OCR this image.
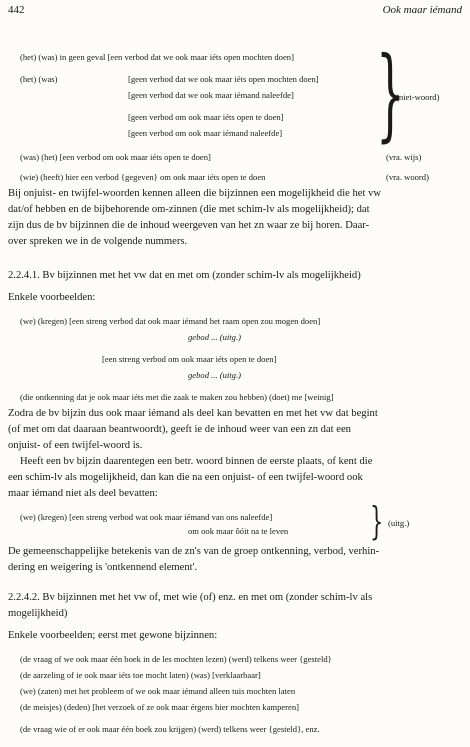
442	Ook maar iémand
(het) (was) in geen geval [een verbod dat we ook maar iéts open mochten doen]
(het) (was)	[geen verbod dat we ook maar iéts open mochten doen]
[geen verbod dat we ook maar iémand naleefde]
[geen verbod om ook maar iéts open te doen]
[geen verbod om ook maar iémand naleefde] }
(niet-woord)
(was) (het) [een verbod om ook maar iéts open te doen]	(vra. wijs)
(wie) (heeft) hier een verbod {gegeven} om ook maar iéts open te doen	(vra. woord)
Bij onjuist- en twijfel-woorden kennen alleen die bijzinnen een mogelijkheid die het vw
dat/of hebben en de bijbehorende om-zinnen (die met schim-lv als mogelijkheid); dat
zijn dus de bv bijzinnen die de inhoud weergeven van het zn waar ze bij horen. Daar-
over spreken we in de volgende nummers.
2.2.4.1. Bv bijzinnen met het vw dat en met om (zonder schim-lv als mogelijkheid)
Enkele voorbeelden:
(we) (kregen) [een streng verbod dat ook maar iémand het raam open zou mogen doen]
gebod ... (uitg.)
[een streng verbod om ook maar iéts open te doen]
gebod ... (uitg.)
(die ontkenning dat je ook maar iéts met die zaak te maken zou hebben) (doet) me [weinig]
Zodra de bv bijzin dus ook maar iémand als deel kan bevatten en met het vw dat begint
(of met om dat daaraan beantwoordt), geeft ie de inhoud weer van een zn dat een
onjuist- of een twijfel-woord is.
Heeft een bv bijzin daarentegen een betr. woord binnen de eerste plaats, of kent die
een schim-lv als mogelijkheid, dan kan die na een onjuist- of een twijfel-woord ook
maar iémand niet als deel bevatten:
(we) (kregen) [een streng verbod wat ook maar iémand van ons naleefde]
om ook maar ôóit na te leven } (uitg.)
De gemeenschappelijke betekenis van de zn's van de groep ontkenning, verbod, verhin-
dering en weigering is 'ontkennend element'.
2.2.4.2. Bv bijzinnen met het vw of, met wie (of) enz. en met om (zonder schim-lv als
mogelijkheid)
Enkele voorbeelden; eerst met gewone bijzinnen:
(de vraag of we ook maar één boek in de les mochten lezen) (werd) telkens weer {gesteld}
(de aarzeling of ie ook maar iéts toe mocht laten) (was) [verklaarbaar]
(we) (zaten) met het probleem of we ook maar iémand alleen tuis mochten laten
(de meisjes) (deden) [het verzoek of ze ook maar érgens hier mochten kamperen]
(de vraag wie of er ook maar één boek zou krijgen) (werd) telkens weer {gesteld}, enz.
